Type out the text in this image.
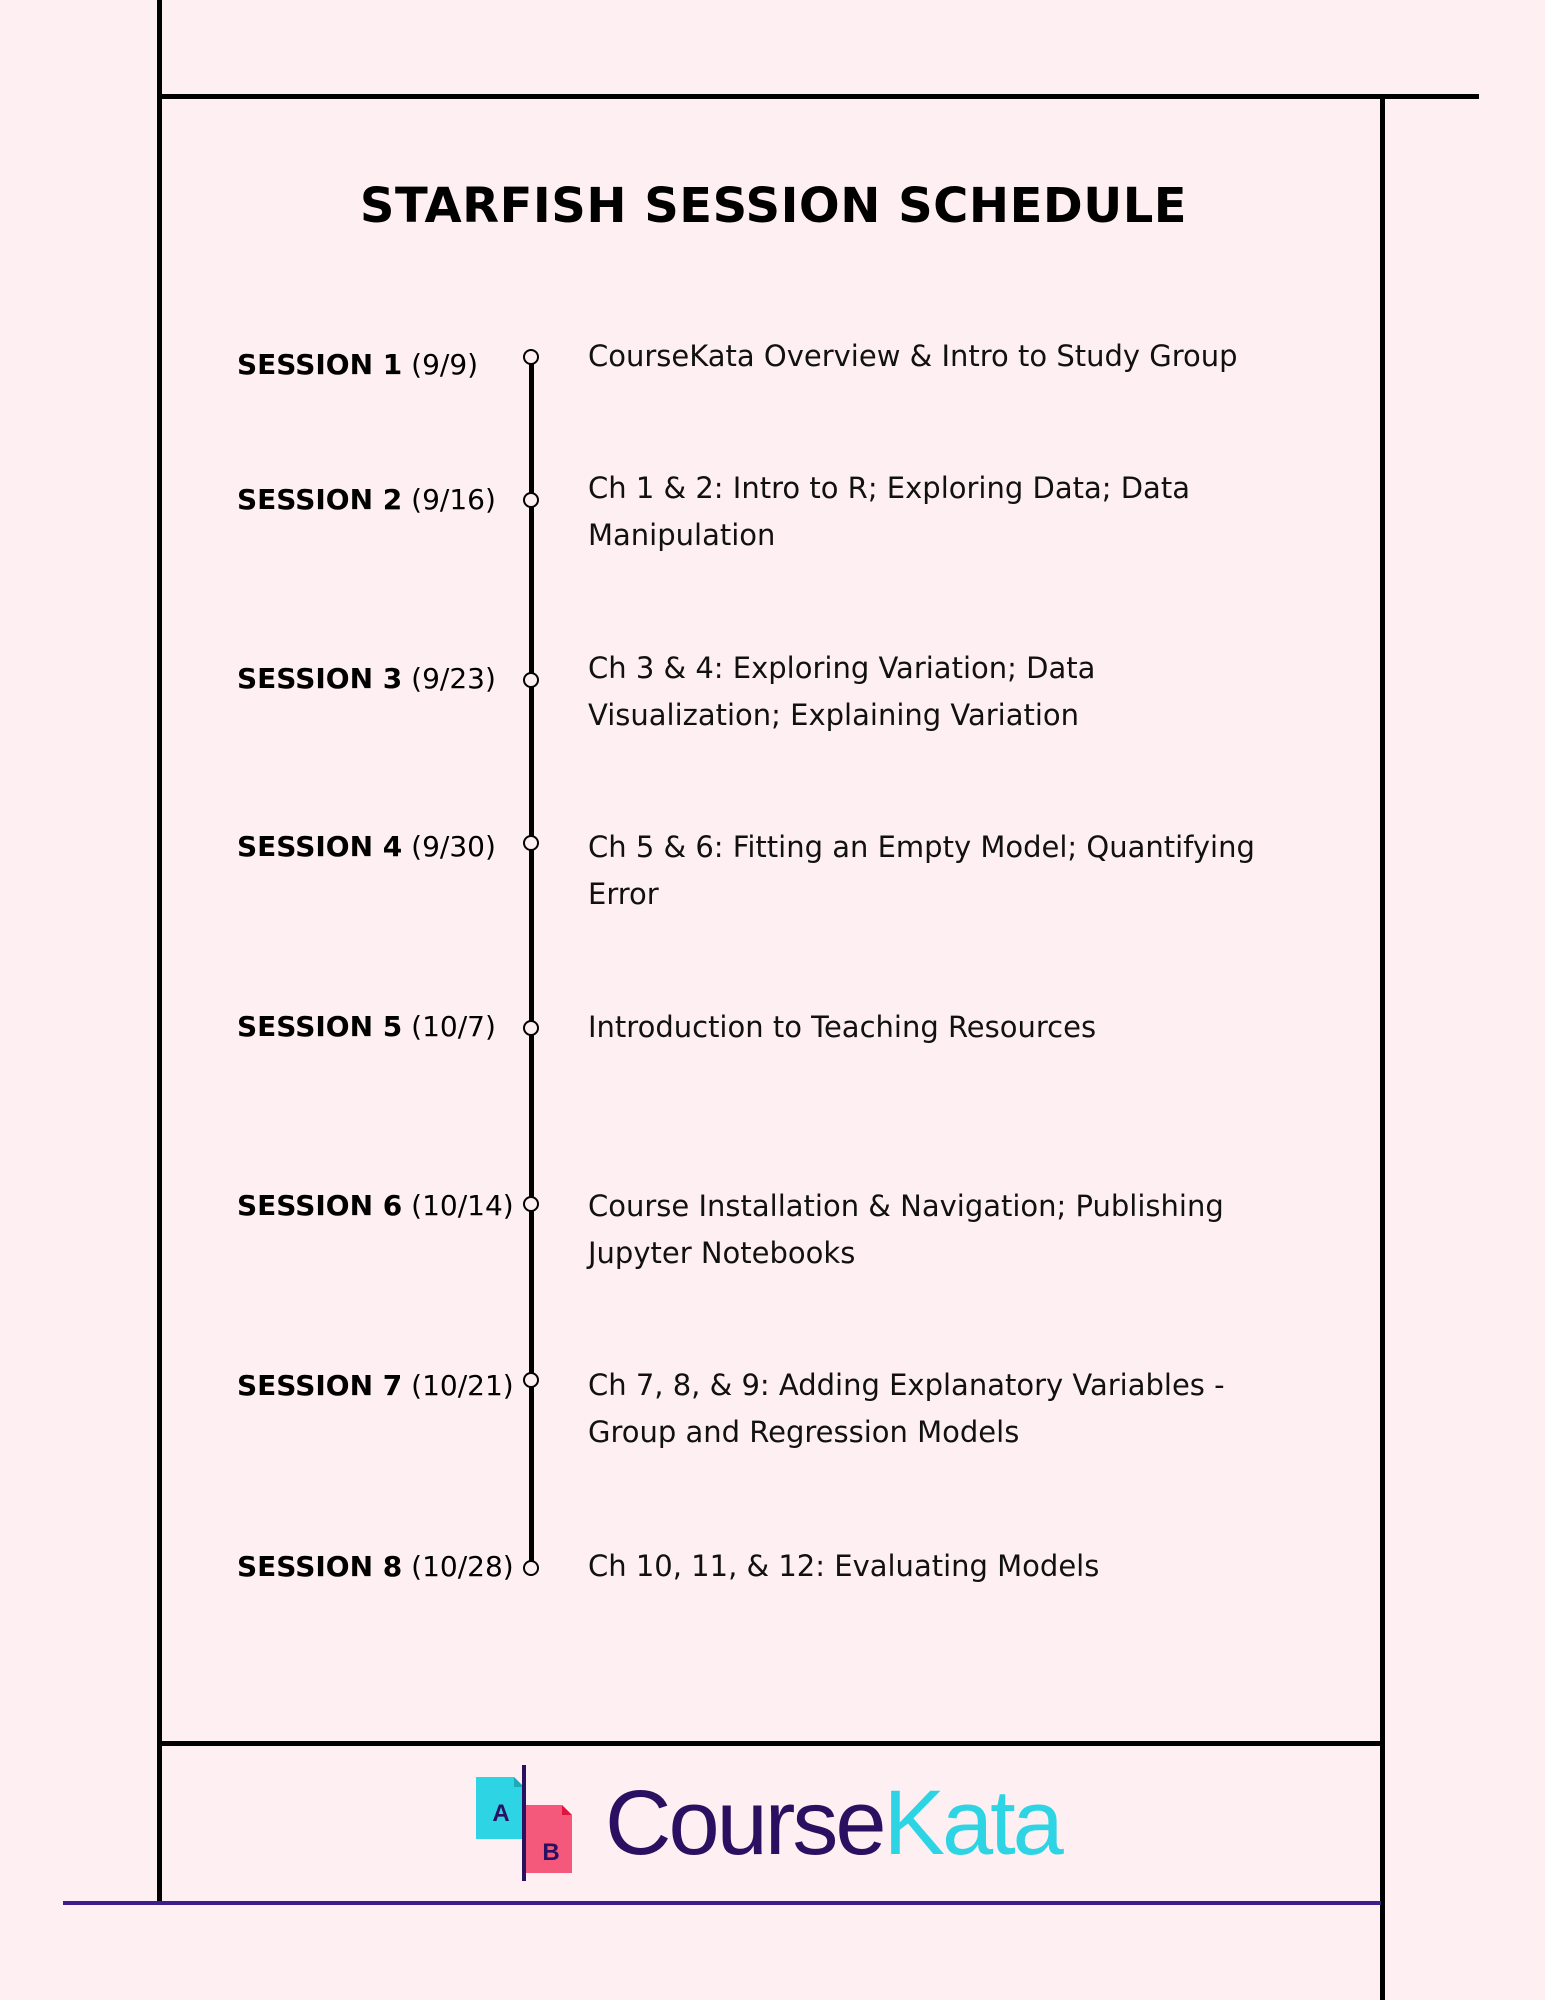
STARFISH SESSION SCHEDULE
SESSION 1 (9/9)
SESSION 2 (9/16)
SESSION 3 (9/23)
SESSION 4 (9/30)
SESSION 5 (10/7)
SESSION 6 (10/14)
SESSION 7 (10/21)
SESSION 8 (10/28)
CourseKata Overview & Intro to Study Group
Ch 1 & 2: Intro to R; Exploring Data; Data
Manipulation
Ch 3 & 4: Exploring Variation; Data
Visualization; Explaining Variation
Ch 5 & 6: Fitting an Empty Model; Quantifying
Error
Introduction to Teaching Resources
Course Installation & Navigation; Publishing
Jupyter Notebooks
Ch 7, 8, & 9: Adding Explanatory Variables -
Group and Regression Models
Ch 10, 11, & 12: Evaluating Models
A
B CourseKata
